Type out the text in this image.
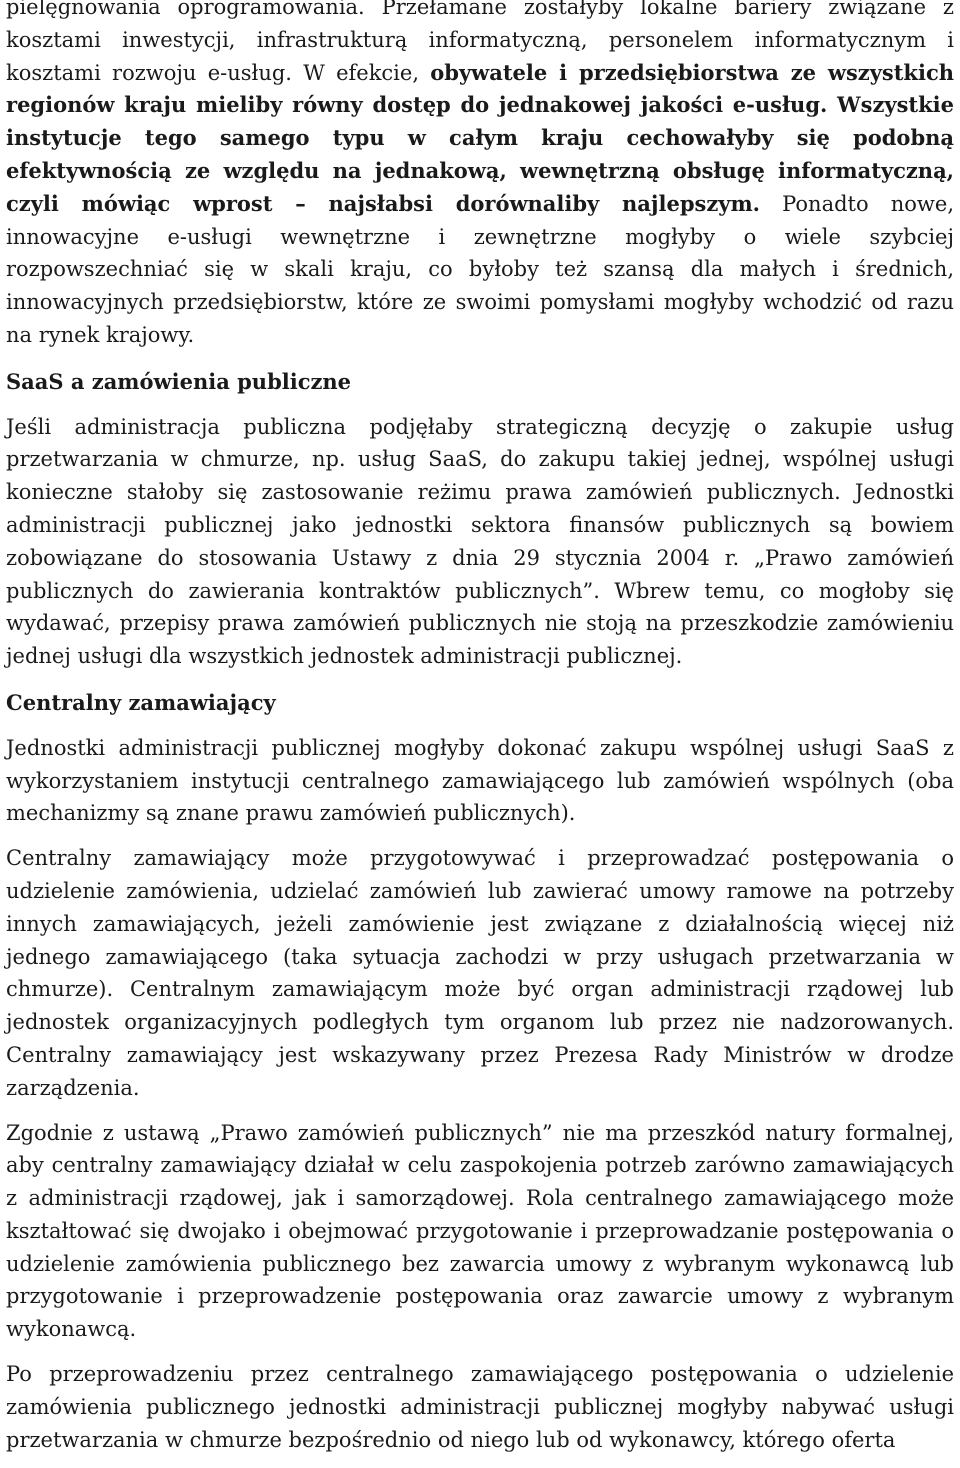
pielęgnowania oprogramowania. Przełamane zostałyby lokalne bariery związane z kosztami inwestycji, infrastrukturą informatyczną, personelem informatycznym i kosztami rozwoju e-usług. W efekcie, obywatele i przedsiębiorstwa ze wszystkich regionów kraju mieliby równy dostęp do jednakowej jakości e-usług. Wszystkie instytucje tego samego typu w całym kraju cechowałyby się podobną efektywnością ze względu na jednakową, wewnętrzną obsługę informatyczną, czyli mówiąc wprost – najsłabsi dorównaliby najlepszym. Ponadto nowe, innowacyjne e-usługi wewnętrzne i zewnętrzne mogłyby o wiele szybciej rozpowszechniać się w skali kraju, co byłoby też szansą dla małych i średnich, innowacyjnych przedsiębiorstw, które ze swoimi pomysłami mogłyby wchodzić od razu na rynek krajowy.

SaaS a zamówienia publiczne

Jeśli administracja publiczna podjęłaby strategiczną decyzję o zakupie usług przetwarzania w chmurze, np. usług SaaS, do zakupu takiej jednej, wspólnej usługi konieczne stałoby się zastosowanie reżimu prawa zamówień publicznych. Jednostki administracji publicznej jako jednostki sektora finansów publicznych są bowiem zobowiązane do stosowania Ustawy z dnia 29 stycznia 2004 r. „Prawo zamówień publicznych do zawierania kontraktów publicznych”. Wbrew temu, co mogłoby się wydawać, przepisy prawa zamówień publicznych nie stoją na przeszkodzie zamówieniu jednej usługi dla wszystkich jednostek administracji publicznej.

Centralny zamawiający

Jednostki administracji publicznej mogłyby dokonać zakupu wspólnej usługi SaaS z wykorzystaniem instytucji centralnego zamawiającego lub zamówień wspólnych (oba mechanizmy są znane prawu zamówień publicznych).

Centralny zamawiający może przygotowywać i przeprowadzać postępowania o udzielenie zamówienia, udzielać zamówień lub zawierać umowy ramowe na potrzeby innych zamawiających, jeżeli zamówienie jest związane z działalnością więcej niż jednego zamawiającego (taka sytuacja zachodzi w przy usługach przetwarzania w chmurze). Centralnym zamawiającym może być organ administracji rządowej lub jednostek organizacyjnych podległych tym organom lub przez nie nadzorowanych. Centralny zamawiający jest wskazywany przez Prezesa Rady Ministrów w drodze zarządzenia.

Zgodnie z ustawą „Prawo zamówień publicznych” nie ma przeszkód natury formalnej, aby centralny zamawiający działał w celu zaspokojenia potrzeb zarówno zamawiających z administracji rządowej, jak i samorządowej. Rola centralnego zamawiającego może kształtować się dwojako i obejmować przygotowanie i przeprowadzanie postępowania o udzielenie zamówienia publicznego bez zawarcia umowy z wybranym wykonawcą lub przygotowanie i przeprowadzenie postępowania oraz zawarcie umowy z wybranym wykonawcą.

Po przeprowadzeniu przez centralnego zamawiającego postępowania o udzielenie zamówienia publicznego jednostki administracji publicznej mogłyby nabywać usługi przetwarzania w chmurze bezpośrednio od niego lub od wykonawcy, którego oferta
